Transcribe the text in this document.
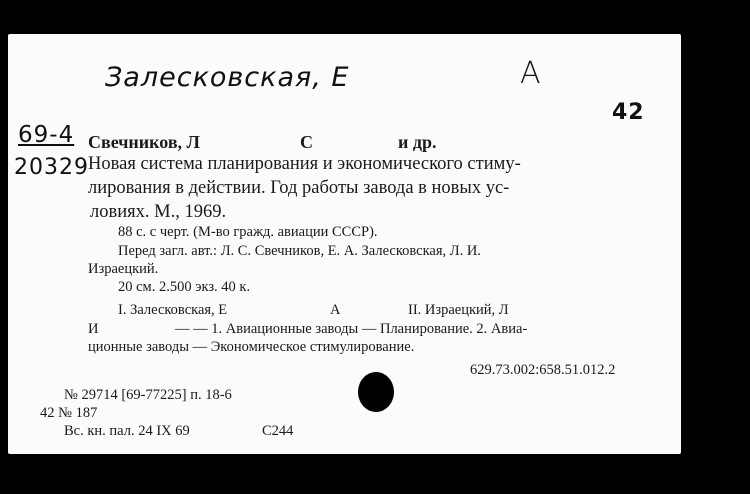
Залесковская, Е	А
42
69-4
20329
Свечников, Л	С	и др.
Новая система планирования и экономического стиму-
лирования в действии. Год работы завода в новых ус-
ловиях. М., 1969.
88 с. с черт. (М-во гражд. авиации СССР).
Перед загл. авт.: Л. С. Свечников, Е. А. Залесковская, Л. И.
Израецкий.
20 см. 2.500 экз. 40 к.
I. Залесковская, Е	А	II. Израецкий, Л
И	— — 1. Авиационные заводы — Планирование. 2. Авиа-
ционные заводы — Экономическое стимулирование.
629.73.002:658.51.012.2
№ 29714 [69-77225] п. 18-6
42 № 187
Вс. кн. пал. 24 IX 69	С244
